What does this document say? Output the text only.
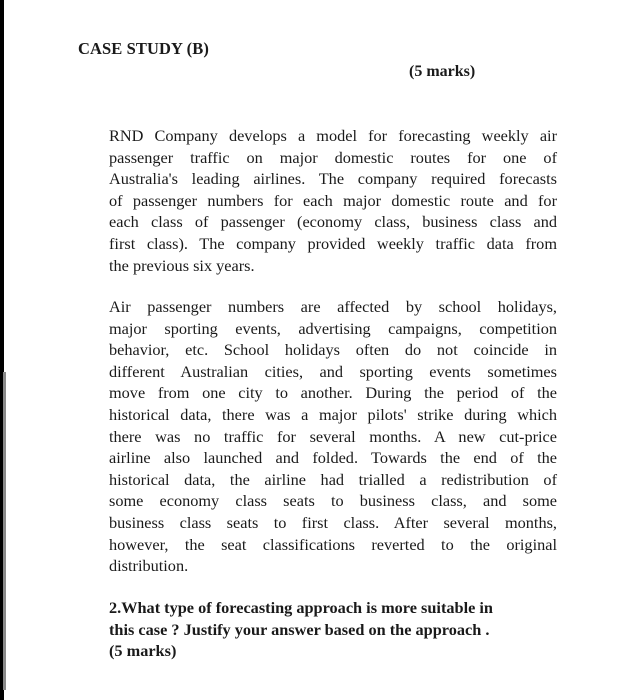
CASE STUDY (B)
(5 marks)
RND Company develops a model for forecasting weekly air
passenger traffic on major domestic routes for one of
Australia's leading airlines. The company required forecasts
of passenger numbers for each major domestic route and for
each class of passenger (economy class, business class and
first class). The company provided weekly traffic data from
the previous six years.
Air passenger numbers are affected by school holidays,
major sporting events, advertising campaigns, competition
behavior, etc. School holidays often do not coincide in
different Australian cities, and sporting events sometimes
move from one city to another. During the period of the
historical data, there was a major pilots' strike during which
there was no traffic for several months. A new cut-price
airline also launched and folded. Towards the end of the
historical data, the airline had trialled a redistribution of
some economy class seats to business class, and some
business class seats to first class. After several months,
however, the seat classifications reverted to the original
distribution.
2.What type of forecasting approach is more suitable in
this case ? Justify your answer based on the approach .
(5 marks)
